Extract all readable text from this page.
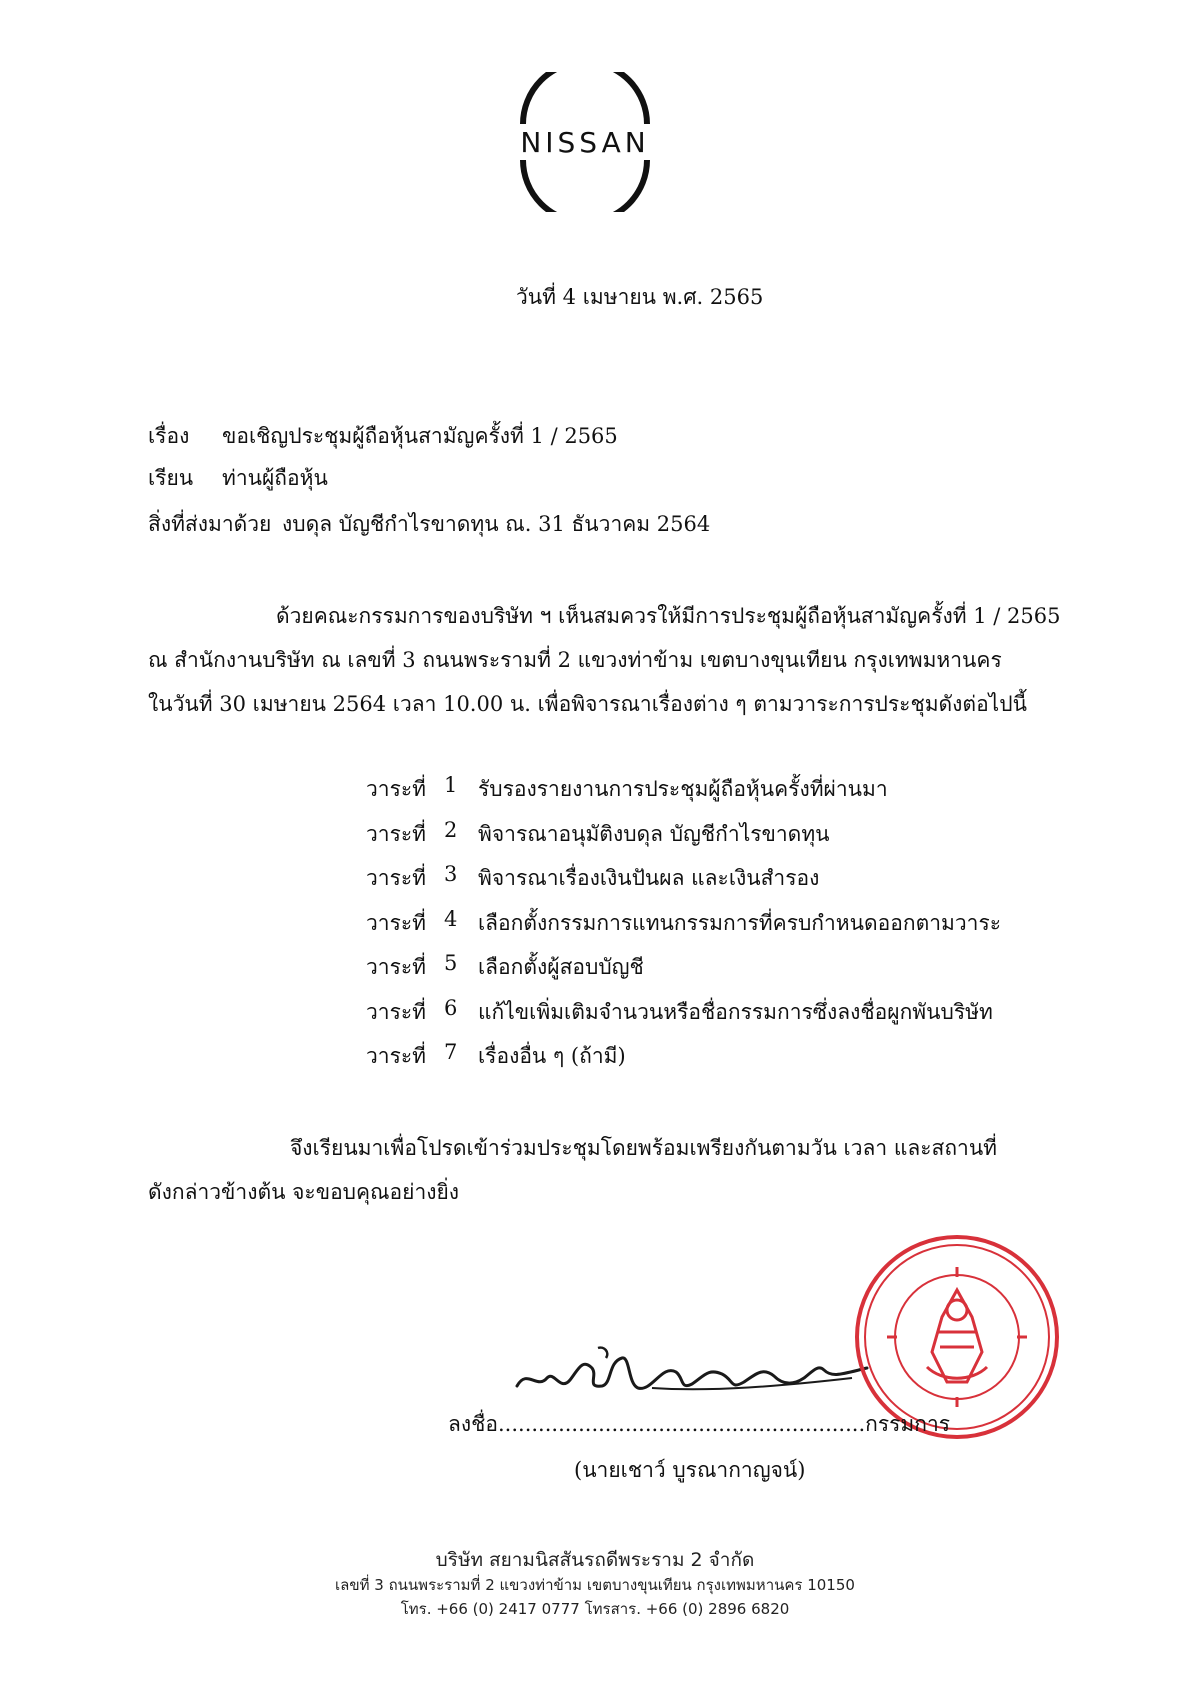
NISSAN
วันที่ 4 เมษายน พ.ศ. 2565
เรื่อง ขอเชิญประชุมผู้ถือหุ้นสามัญครั้งที่ 1 / 2565
เรียน ท่านผู้ถือหุ้น
สิ่งที่ส่งมาด้วย งบดุล บัญชีกำไรขาดทุน ณ. 31 ธันวาคม 2564
ด้วยคณะกรรมการของบริษัท ฯ เห็นสมควรให้มีการประชุมผู้ถือหุ้นสามัญครั้งที่ 1 / 2565
ณ สำนักงานบริษัท ณ เลขที่ 3 ถนนพระรามที่ 2 แขวงท่าข้าม เขตบางขุนเทียน กรุงเทพมหานคร
ในวันที่ 30 เมษายน 2564 เวลา 10.00 น. เพื่อพิจารณาเรื่องต่าง ๆ ตามวาระการประชุมดังต่อไปนี้
วาระที่ 1 รับรองรายงานการประชุมผู้ถือหุ้นครั้งที่ผ่านมา
วาระที่ 2 พิจารณาอนุมัติงบดุล บัญชีกำไรขาดทุน
วาระที่ 3 พิจารณาเรื่องเงินปันผล และเงินสำรอง
วาระที่ 4 เลือกตั้งกรรมการแทนกรรมการที่ครบกำหนดออกตามวาระ
วาระที่ 5 เลือกตั้งผู้สอบบัญชี
วาระที่ 6 แก้ไขเพิ่มเติมจำนวนหรือชื่อกรรมการซึ่งลงชื่อผูกพันบริษัท
วาระที่ 7 เรื่องอื่น ๆ (ถ้ามี)
จึงเรียนมาเพื่อโปรดเข้าร่วมประชุมโดยพร้อมเพรียงกันตามวัน เวลา และสถานที่
ดังกล่าวข้างต้น จะขอบคุณอย่างยิ่ง
ลงชื่อ.......................................................กรรมการ
(นายเชาว์ บูรณากาญจน์)
บริษัท สยามนิสสันรถดีพระราม 2 จำกัด
เลขที่ 3 ถนนพระรามที่ 2 แขวงท่าข้าม เขตบางขุนเทียน กรุงเทพมหานคร 10150
โทร. +66 (0) 2417 0777 โทรสาร. +66 (0) 2896 6820
